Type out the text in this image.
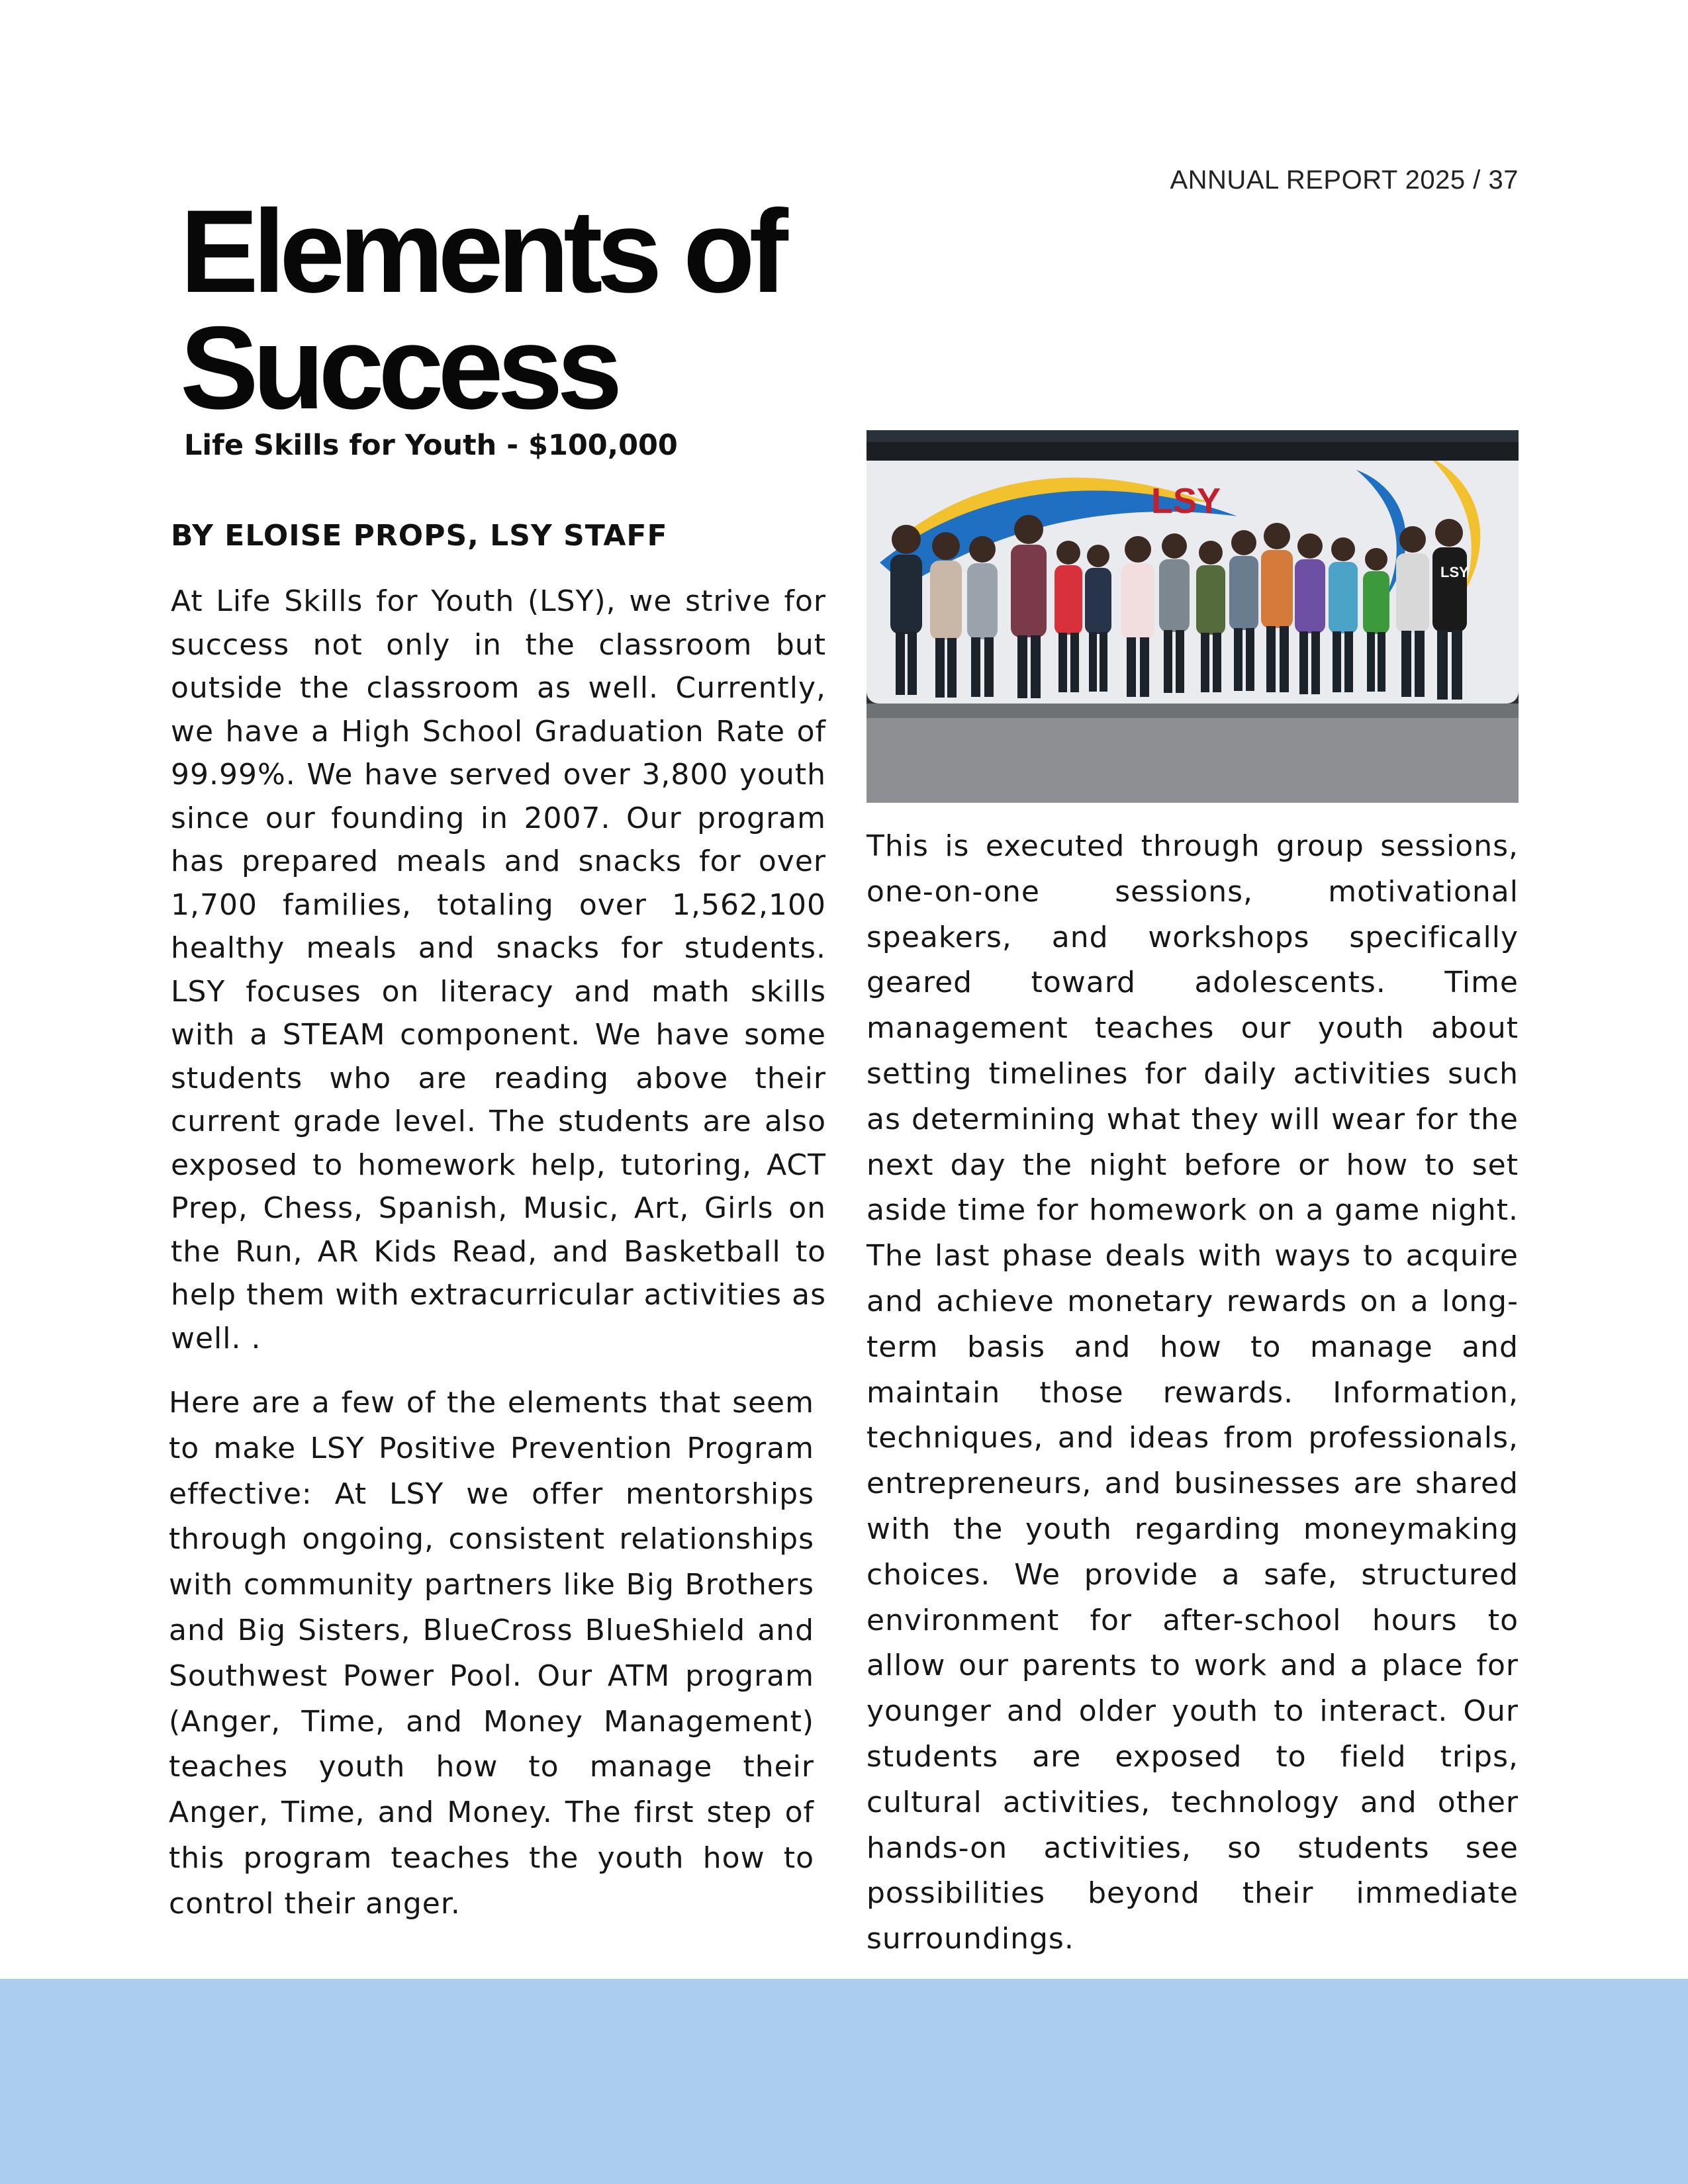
ANNUAL REPORT 2025 / 37
Elements of
Success
Life Skills for Youth - $100,000
BY ELOISE PROPS, LSY STAFF

At Life Skills for Youth (LSY), we strive for success not only in the classroom but outside the classroom as well. Currently, we have a High School Graduation Rate of 99.99%. We have served over 3,800 youth since our founding in 2007. Our program has prepared meals and snacks for over 1,700 families, totaling over 1,562,100 healthy meals and snacks for students. LSY focuses on literacy and math skills with a STEAM component. We have some students who are reading above their current grade level. The students are also exposed to homework help, tutoring, ACT Prep, Chess, Spanish, Music, Art, Girls on the Run, AR Kids Read, and Basketball to help them with extracurricular activities as well. .

Here are a few of the elements that seem to make LSY Positive Prevention Program effective: At LSY we offer mentorships through ongoing, consistent relationships with community partners like Big Brothers and Big Sisters, BlueCross BlueShield and Southwest Power Pool. Our ATM program (Anger, Time, and Money Management) teaches youth how to manage their Anger, Time, and Money. The first step of this program teaches the youth how to control their anger.

LSY
LSY

This is executed through group sessions, one-on-one sessions, motivational speakers, and workshops specifically geared toward adolescents. Time management teaches our youth about setting timelines for daily activities such as determining what they will wear for the next day the night before or how to set aside time for homework on a game night. The last phase deals with ways to acquire and achieve monetary rewards on a long-term basis and how to manage and maintain those rewards. Information, techniques, and ideas from professionals, entrepreneurs, and businesses are shared with the youth regarding moneymaking choices. We provide a safe, structured environment for after-school hours to allow our parents to work and a place for younger and older youth to interact. Our students are exposed to field trips, cultural activities, technology and other hands-on activities, so students see possibilities beyond their immediate surroundings.
